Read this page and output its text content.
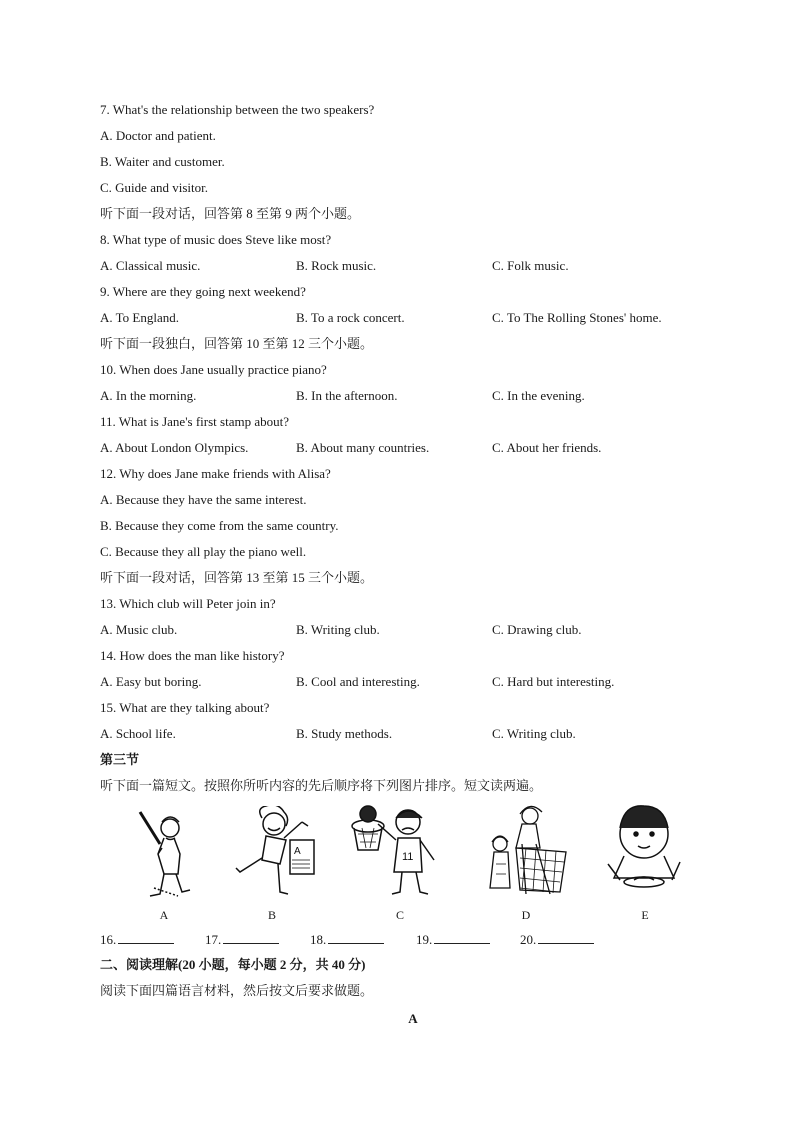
7. What's the relationship between the two speakers?
A. Doctor and patient.
B. Waiter and customer.
C. Guide and visitor.
听下面一段对话，回答第 8 至第 9 两个小题。
8. What type of music does Steve like most?
A. Classical music.	B. Rock music.	C. Folk music.
9. Where are they going next weekend?
A. To England.	B. To a rock concert.	C. To The Rolling Stones' home.
听下面一段独白，回答第 10 至第 12 三个小题。
10. When does Jane usually practice piano?
A. In the morning.	B. In the afternoon.	C. In the evening.
11. What is Jane's first stamp about?
A. About London Olympics.	B. About many countries.	C. About her friends.
12. Why does Jane make friends with Alisa?
A. Because they have the same interest.
B. Because they come from the same country.
C. Because they all play the piano well.
听下面一段对话，回答第 13 至第 15 三个小题。
13. Which club will Peter join in?
A. Music club.	B. Writing club.	C. Drawing club.
14. How does the man like history?
A. Easy but boring.	B. Cool and interesting.	C. Hard but interesting.
15. What are they talking about?
A. School life.	B. Study methods.	C. Writing club.
第三节
听下面一篇短文。按照你所听内容的先后顺序将下列图片排序。短文读两遍。
A	11
A	B	C	D	E
16.	17.	18.	19.	20.
二、阅读理解(20 小题，每小题 2 分，共 40 分)
阅读下面四篇语言材料，然后按文后要求做题。
A
